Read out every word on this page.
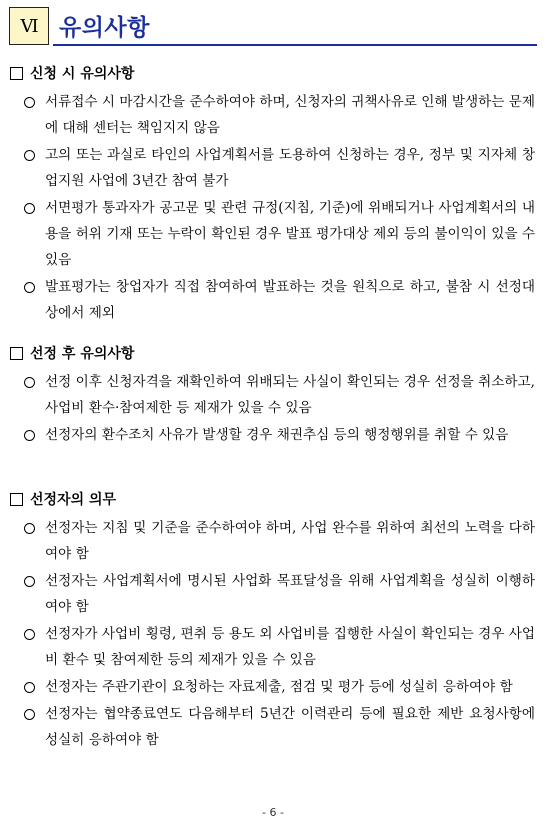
Ⅵ 유의사항
신청 시 유의사항
서류접수 시 마감시간을 준수하여야 하며, 신청자의 귀책사유로 인해 발생하는 문제에 대해 센터는 책임지지 않음
고의 또는 과실로 타인의 사업계획서를 도용하여 신청하는 경우, 정부 및 지자체 창업지원 사업에 3년간 참여 불가
서면평가 통과자가 공고문 및 관련 규정(지침, 기준)에 위배되거나 사업계획서의 내용을 허위 기재 또는 누락이 확인된 경우 발표 평가대상 제외 등의 불이익이 있을 수 있음
발표평가는 창업자가 직접 참여하여 발표하는 것을 원칙으로 하고, 불참 시 선정대상에서 제외
선정 후 유의사항
선정 이후 신청자격을 재확인하여 위배되는 사실이 확인되는 경우 선정을 취소하고, 사업비 환수·참여제한 등 제재가 있을 수 있음
선정자의 환수조치 사유가 발생할 경우 채권추심 등의 행정행위를 취할 수 있음
선정자의 의무
선정자는 지침 및 기준을 준수하여야 하며, 사업 완수를 위하여 최선의 노력을 다하여야 함
선정자는 사업계획서에 명시된 사업화 목표달성을 위해 사업계획을 성실히 이행하여야 함
선정자가 사업비 횡령, 편취 등 용도 외 사업비를 집행한 사실이 확인되는 경우 사업비 환수 및 참여제한 등의 제재가 있을 수 있음
선정자는 주관기관이 요청하는 자료제출, 점검 및 평가 등에 성실히 응하여야 함
선정자는 협약종료연도 다음해부터 5년간 이력관리 등에 필요한 제반 요청사항에 성실히 응하여야 함
- 6 -
